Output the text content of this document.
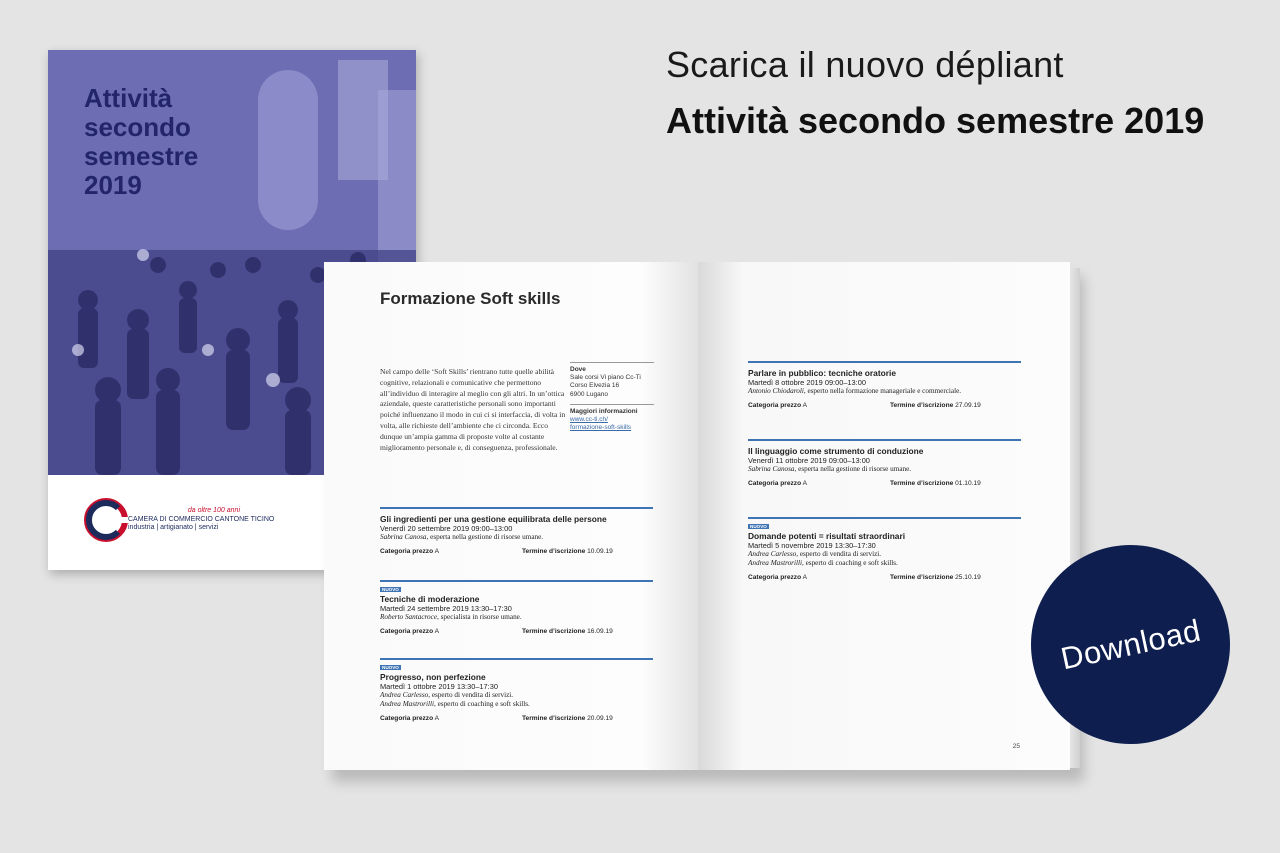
Scarica il nuovo dépliant
Attività secondo semestre 2019
Attività
secondo
semestre
2019
da oltre 100 anni
CAMERA DI COMMERCIO CANTONE TICINO
industria | artigianato | servizi
Formazione Soft skills
Nel campo delle ‘Soft Skills’ rientrano tutte quelle abilità cognitive, relazionali e comunicative che permettono all’individuo di interagire al meglio con gli altri. In un’ottica aziendale, queste caratteristiche personali sono importanti poiché influenzano il modo in cui ci si interfaccia, di volta in volta, alle richieste dell’ambiente che ci circonda. Ecco dunque un’ampia gamma di proposte volte al costante miglioramento personale e, di conseguenza, professionale.
Dove
Sale corsi Vi piano Cc-Ti
Corso Elvezia 16
6900 Lugano
Maggiori informazioni
www.cc-ti.ch/
formazione-soft-skills
Gli ingredienti per una gestione equilibrata delle persone
Venerdì 20 settembre 2019 09:00–13:00
Sabrina Canosa, esperta nella gestione di risorse umane.
Categoria prezzo A	Termine d’iscrizione 10.09.19
NUOVO
Tecniche di moderazione
Martedì 24 settembre 2019 13:30–17:30
Roberto Santacroce, specialista in risorse umane.
Categoria prezzo A	Termine d’iscrizione 16.09.19
NUOVO
Progresso, non perfezione
Martedì 1 ottobre 2019 13:30–17:30
Andrea Carlesso, esperto di vendita di servizi.
Andrea Mastrorilli, esperto di coaching e soft skills.
Categoria prezzo A	Termine d’iscrizione 20.09.19
Parlare in pubblico: tecniche oratorie
Martedì 8 ottobre 2019 09:00–13:00
Antonio Chiodaroli, esperto nella formazione manageriale e commerciale.
Categoria prezzo A	Termine d’iscrizione 27.09.19
Il linguaggio come strumento di conduzione
Venerdì 11 ottobre 2019 09:00–13:00
Sabrina Canosa, esperta nella gestione di risorse umane.
Categoria prezzo A	Termine d’iscrizione 01.10.19
NUOVO
Domande potenti = risultati straordinari
Martedì 5 novembre 2019 13:30–17:30
Andrea Carlesso, esperto di vendita di servizi.
Andrea Mastrorilli, esperto di coaching e soft skills.
Categoria prezzo A	Termine d’iscrizione 25.10.19
25
Download
